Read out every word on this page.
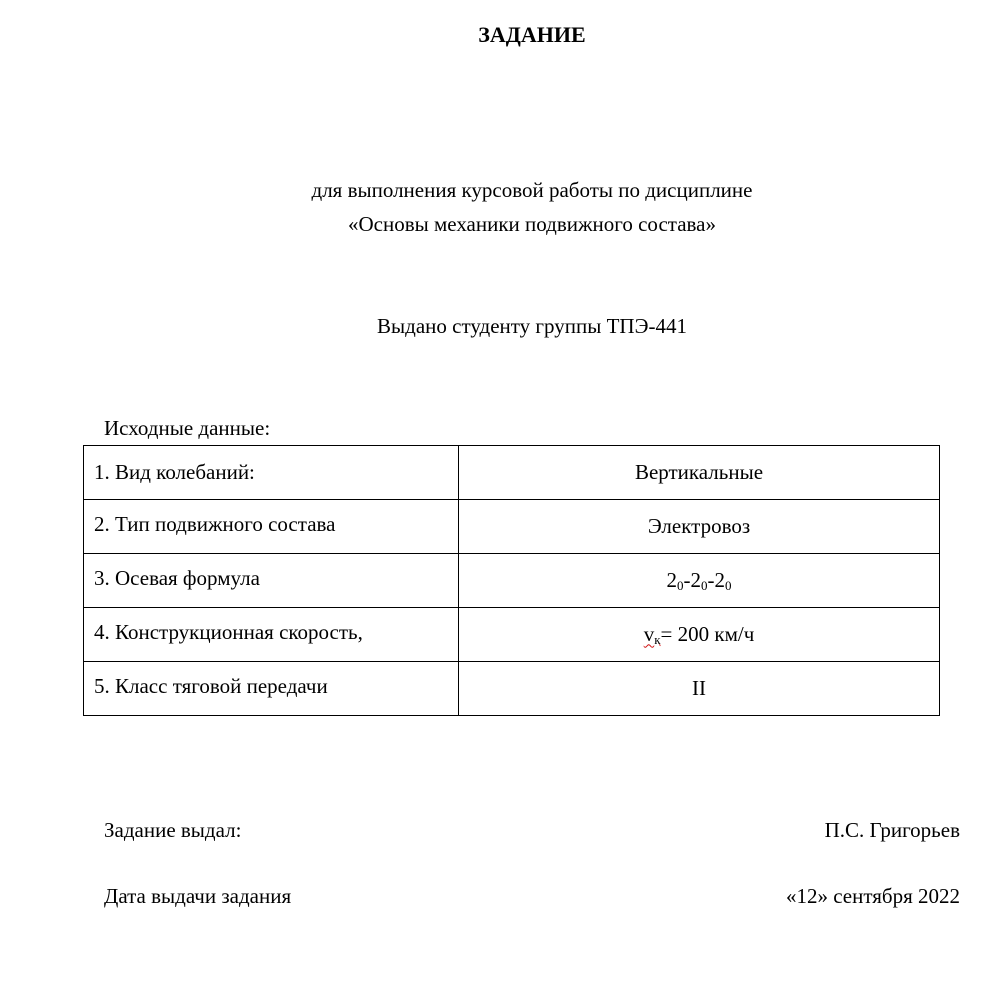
ЗАДАНИЕ
для выполнения курсовой работы по дисциплине
«Основы механики подвижного состава»
Выдано студенту группы ТПЭ-441
Исходные данные:
1. Вид колебаний:	Вертикальные
2. Тип подвижного состава	Электровоз
3. Осевая формула	$2_0-2_0-2_0$
4. Конструкционная скорость,	$v_к= 200$ км/ч
5. Класс тяговой передачи	II
Задание выдал:	П.С. Григорьев
Дата выдачи задания	«12» сентября 2022
